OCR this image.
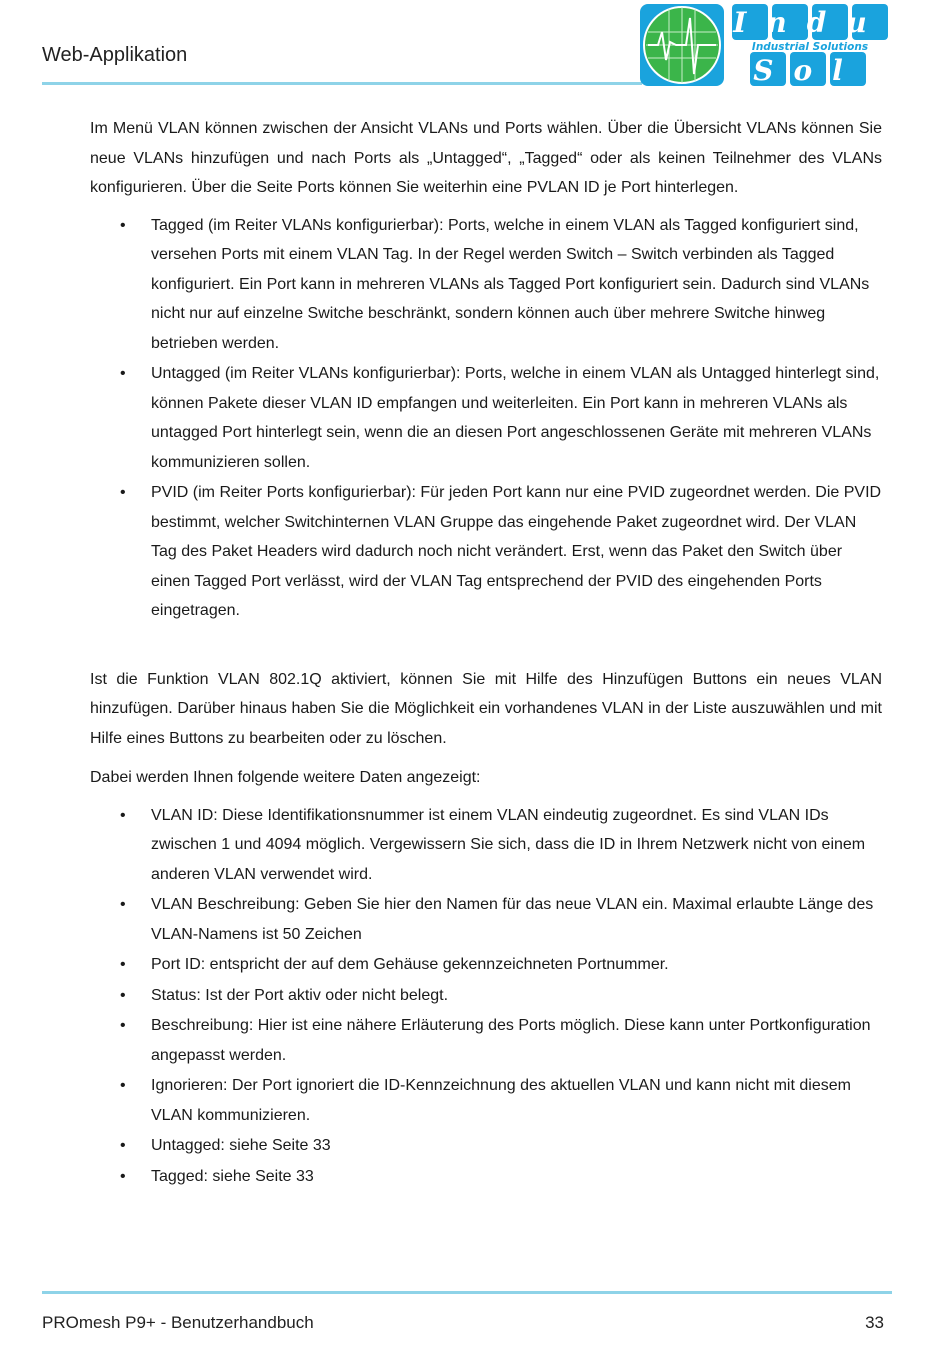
Web-Applikation
Indu
Industrial Solutions
Sol

Im Menü VLAN können zwischen der Ansicht VLANs und Ports wählen. Über die Übersicht VLANs können Sie neue VLANs hinzufügen und nach Ports als „Untagged“, „Tagged“ oder als keinen Teilnehmer des VLANs konfigurieren. Über die Seite Ports können Sie weiterhin eine PVLAN ID je Port hinterlegen.

• Tagged (im Reiter VLANs konfigurierbar): Ports, welche in einem VLAN als Tagged konfiguriert sind, versehen Ports mit einem VLAN Tag. In der Regel werden Switch – Switch verbinden als Tagged konfiguriert. Ein Port kann in mehreren VLANs als Tagged Port konfiguriert sein. Dadurch sind VLANs nicht nur auf einzelne Switche beschränkt, sondern können auch über mehrere Switche hinweg betrieben werden.
• Untagged (im Reiter VLANs konfigurierbar): Ports, welche in einem VLAN als Untagged hinterlegt sind, können Pakete dieser VLAN ID empfangen und weiterleiten. Ein Port kann in mehreren VLANs als untagged Port hinterlegt sein, wenn die an diesen Port angeschlossenen Geräte mit mehreren VLANs kommunizieren sollen.
• PVID (im Reiter Ports konfigurierbar): Für jeden Port kann nur eine PVID zugeordnet werden. Die PVID bestimmt, welcher Switchinternen VLAN Gruppe das eingehende Paket zugeordnet wird. Der VLAN Tag des Paket Headers wird dadurch noch nicht verändert. Erst, wenn das Paket den Switch über einen Tagged Port verlässt, wird der VLAN Tag entsprechend der PVID des eingehenden Ports eingetragen.

Ist die Funktion VLAN 802.1Q aktiviert, können Sie mit Hilfe des Hinzufügen Buttons ein neues VLAN hinzufügen. Darüber hinaus haben Sie die Möglichkeit ein vorhandenes VLAN in der Liste auszuwählen und mit Hilfe eines Buttons zu bearbeiten oder zu löschen.

Dabei werden Ihnen folgende weitere Daten angezeigt:

• VLAN ID: Diese Identifikationsnummer ist einem VLAN eindeutig zugeordnet. Es sind VLAN IDs zwischen 1 und 4094 möglich. Vergewissern Sie sich, dass die ID in Ihrem Netzwerk nicht von einem anderen VLAN verwendet wird.
• VLAN Beschreibung: Geben Sie hier den Namen für das neue VLAN ein. Maximal erlaubte Länge des VLAN-Namens ist 50 Zeichen
• Port ID: entspricht der auf dem Gehäuse gekennzeichneten Portnummer.
• Status: Ist der Port aktiv oder nicht belegt.
• Beschreibung: Hier ist eine nähere Erläuterung des Ports möglich. Diese kann unter Portkonfiguration angepasst werden.
• Ignorieren: Der Port ignoriert die ID-Kennzeichnung des aktuellen VLAN und kann nicht mit diesem VLAN kommunizieren.
• Untagged: siehe Seite 33
• Tagged: siehe Seite 33
PROmesh P9+ - Benutzerhandbuch	33
